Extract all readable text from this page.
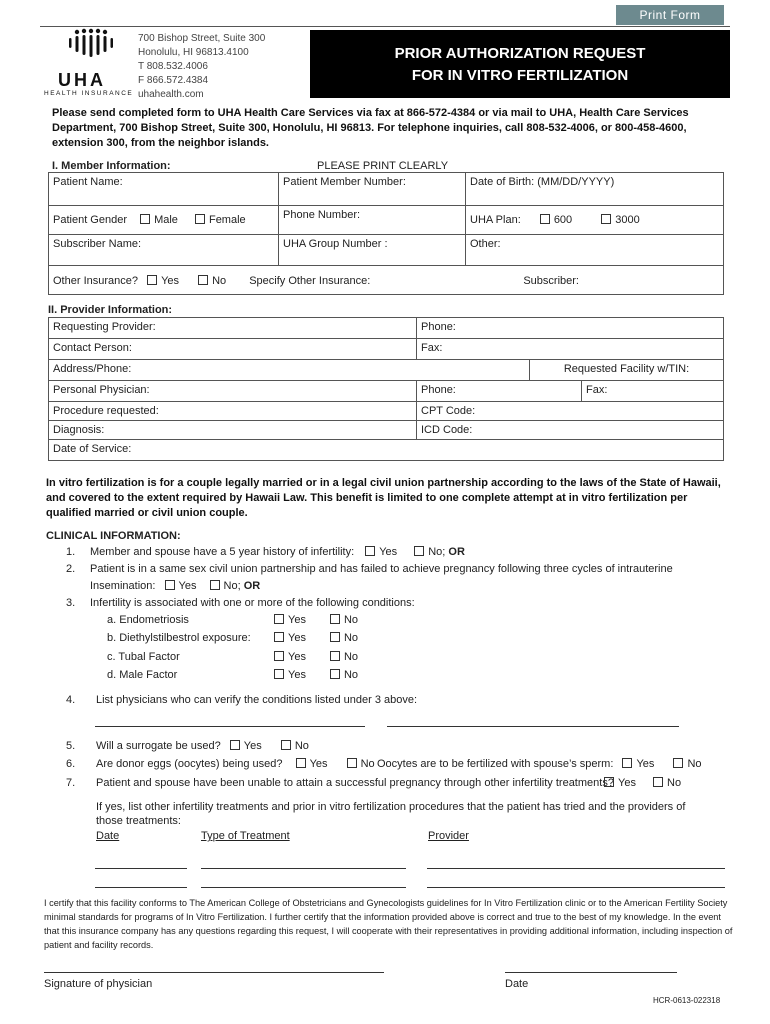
Print Form
UHA
HEALTH INSURANCE
700 Bishop Street, Suite 300
Honolulu, HI 96813.4100
T 808.532.4006
F 866.572.4384
uhahealth.com
PRIOR AUTHORIZATION REQUEST
FOR IN VITRO FERTILIZATION
Please send completed form to UHA Health Care Services via fax at 866-572-4384 or via mail to UHA, Health Care Services Department, 700 Bishop Street, Suite 300, Honolulu, HI 96813. For telephone inquiries, call 808-532-4006, or 800-458-4600, extension 300, from the neighbor islands.
I. Member Information:	PLEASE PRINT CLEARLY
Patient Name:	Patient Member Number:	Date of Birth: (MM/DD/YYYY)
Patient Gender Male	Female	Phone Number:	UHA Plan:	600	3000
Subscriber Name:	UHA Group Number :	Other:
Other Insurance? Yes	No Specify Other Insurance:	Subscriber:
II. Provider Information:
Requesting Provider:	Phone:
Contact Person:	Fax:
Address/Phone:	Requested Facility w/TIN:
Personal Physician:	Phone:	Fax:
Procedure requested:	CPT Code:
Diagnosis:	ICD Code:
Date of Service:
In vitro fertilization is for a couple legally married or in a legal civil union partnership according to the laws of the State of Hawaii, and covered to the extent required by Hawaii Law. This benefit is limited to one complete attempt at in vitro fertilization per qualified married or civil union couple.
CLINICAL INFORMATION:
1. Member and spouse have a 5 year history of infertility: Yes	No; OR
2. Patient is in a same sex civil union partnership and has failed to achieve pregnancy following three cycles of intrauterine
Insemination: Yes No; OR
3. Infertility is associated with one or more of the following conditions:
a. Endometriosis	Yes	No
b. Diethylstilbestrol exposure:	Yes	No
c. Tubal Factor	Yes	No
d. Male Factor	Yes	No
4. List physicians who can verify the conditions listed under 3 above:
5. Will a surrogate be used? Yes	No
6. Are donor eggs (oocytes) being used? Yes	No Oocytes are to be fertilized with spouse’s sperm: Yes	No
7. Patient and spouse have been unable to attain a successful pregnancy through other infertility treatments? Yes	No
If yes, list other infertility treatments and prior in vitro fertilization procedures that the patient has tried and the providers of those treatments:
Date	Type of Treatment	Provider
I certify that this facility conforms to The American College of Obstetricians and Gynecologists guidelines for In Vitro Fertilization clinic or to the American Fertility Society minimal standards for programs of In Vitro Fertilization. I further certify that the information provided above is correct and true to the best of my knowledge. In the event that this insurance company has any questions regarding this request, I will cooperate with their representatives in providing additional information, including inspection of patient and facility records.
Signature of physician	Date
HCR-0613-022318
